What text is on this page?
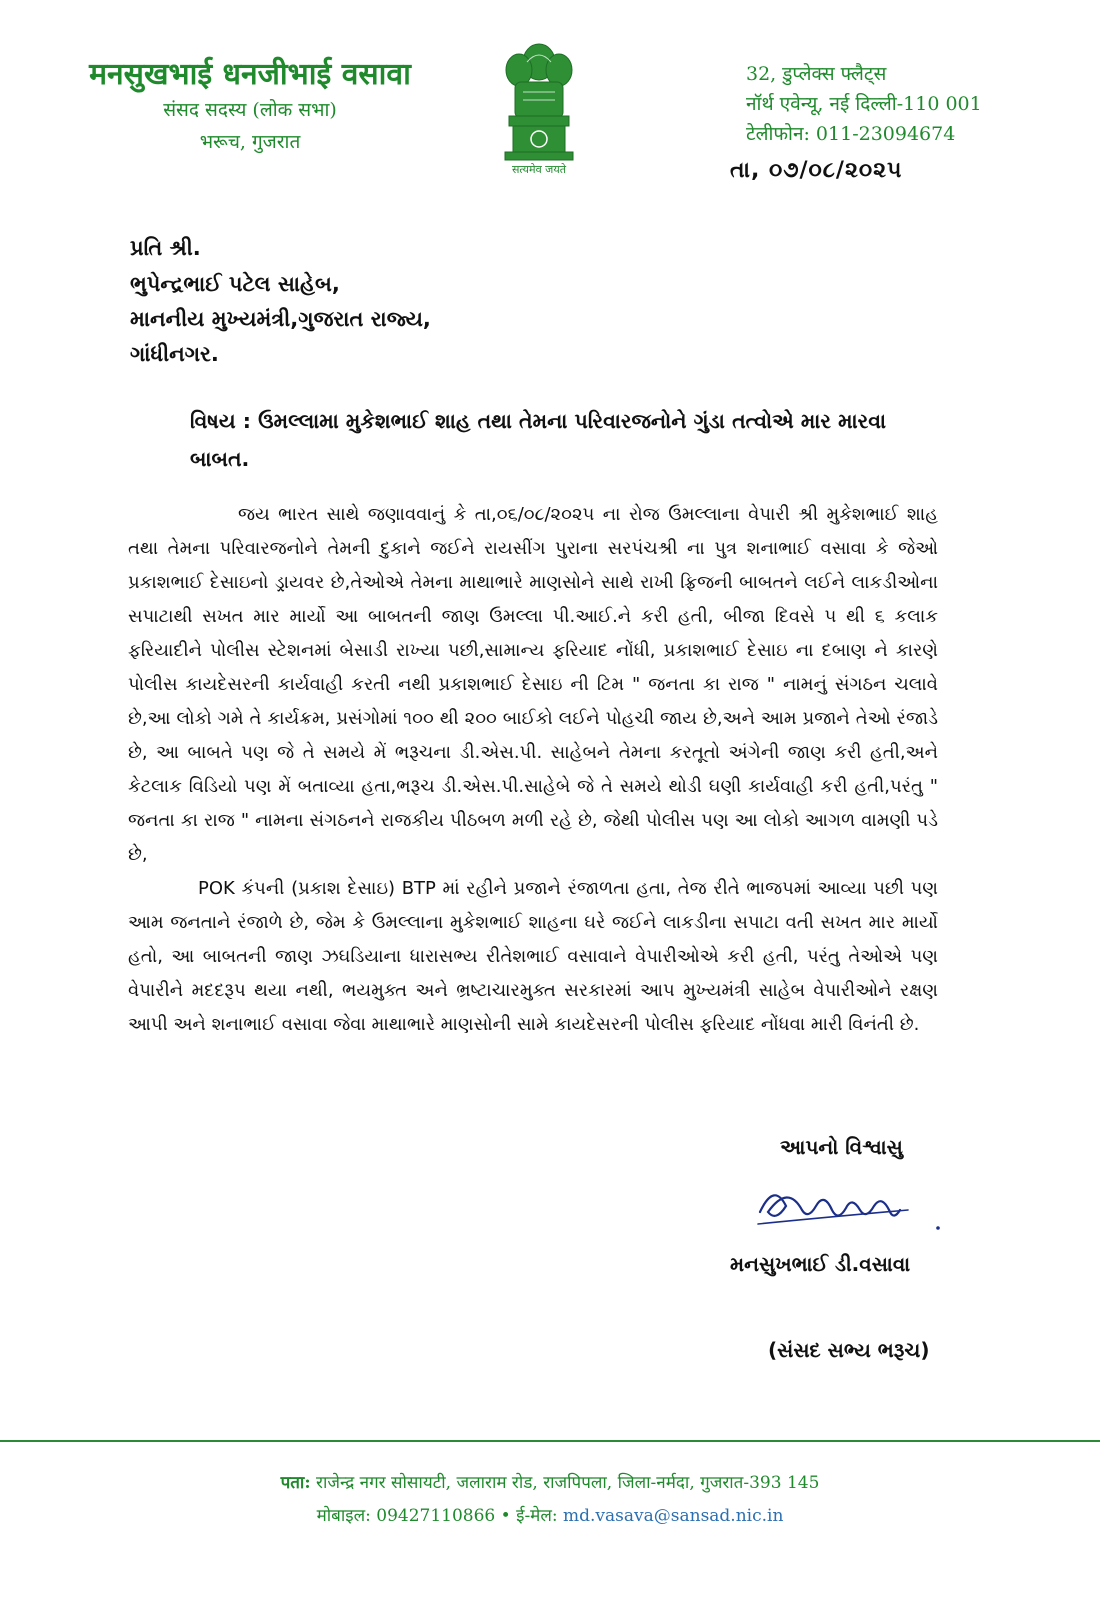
मनसुखभाई धनजीभाई वसावा
संसद सदस्य (लोक सभा)
भरूच, गुजरात
सत्यमेव जयते
32, डुप्लेक्स फ्लैट्स
नॉर्थ एवेन्यू, नई दिल्ली-110 001
टेलीफोन: 011-23094674
તા, ૦૭/૦૮/૨૦૨૫
પ્રતિ શ્રી.
ભુપેન્દ્રભાઈ પટેલ સાહેબ,
માનનીય મુખ્યમંત્રી,ગુજરાત રાજ્ય,
ગાંધીનગર.
વિષય : ઉમલ્લામા મુકેશભાઈ શાહ તથા તેમના પરિવારજનોને ગુંડા તત્વોએ માર મારવા
બાબત.

જય ભારત સાથે જણાવવાનું કે તા,૦૬/૦૮/૨૦૨૫ ના રોજ ઉમલ્લાના વેપારી શ્રી મુકેશભાઈ શાહ તથા તેમના પરિવારજનોને તેમની દુકાને જઈને રાયસીંગ પુરાના સરપંચશ્રી ના પુત્ર શનાભાઈ વસાવા કે જેઓ પ્રકાશભાઈ દેસાઇનો ડ્રાયવર છે,તેઓએ તેમના માથાભારે માણસોને સાથે રાખી ફ્રિજની બાબતને લઈને લાકડીઓના સપાટાથી સખત માર માર્યો આ બાબતની જાણ ઉમલ્લા પી.આઈ.ને કરી હતી, બીજા દિવસે ૫ થી ૬ કલાક ફરિયાદીને પોલીસ સ્ટેશનમાં બેસાડી રાખ્યા પછી,સામાન્ય ફરિયાદ નોંધી, પ્રકાશભાઈ દેસાઇ ના દબાણ ને કારણે પોલીસ કાયદેસરની કાર્યવાહી કરતી નથી પ્રકાશભાઈ દેસાઇ ની ટિમ " જનતા કા રાજ " નામનું સંગઠન ચલાવે છે,આ લોકો ગમે તે કાર્યક્રમ, પ્રસંગોમાં ૧૦૦ થી ૨૦૦ બાઈકો લઈને પોહચી જાય છે,અને આમ પ્રજાને તેઓ રંજાડે છે, આ બાબતે પણ જે તે સમયે મેં ભરૂચના ડી.એસ.પી. સાહેબને તેમના કરતૂતો અંગેની જાણ કરી હતી,અને કેટલાક વિડિયો પણ મેં બતાવ્યા હતા,ભરૂચ ડી.એસ.પી.સાહેબે જે તે સમયે થોડી ઘણી કાર્યવાહી કરી હતી,પરંતુ " જનતા કા રાજ " નામના સંગઠનને રાજકીય પીઠબળ મળી રહે છે, જેથી પોલીસ પણ આ લોકો આગળ વામણી પડે છે,

POK કંપની (પ્રકાશ દેસાઇ) BTP માં રહીને પ્રજાને રંજાળતા હતા, તેજ રીતે ભાજપમાં આવ્યા પછી પણ આમ જનતાને રંજાળે છે, જેમ કે ઉમલ્લાના મુકેશભાઈ શાહના ઘરે જઈને લાકડીના સપાટા વતી સખત માર માર્યો હતો, આ બાબતની જાણ ઝઘડિયાના ધારાસભ્ય રીતેશભાઈ વસાવાને વેપારીઓએ કરી હતી, પરંતુ તેઓએ પણ વેપારીને મદદરૂપ થયા નથી, ભયમુક્ત અને ભ્રષ્ટાચારમુક્ત સરકારમાં આપ મુખ્યમંત્રી સાહેબ વેપારીઓને રક્ષણ આપી અને શનાભાઈ વસાવા જેવા માથાભારે માણસોની સામે કાયદેસરની પોલીસ ફરિયાદ નોંધવા મારી વિનંતી છે.

આપનો વિશ્વાસુ
મનસુખભાઈ ડી.વસાવા
(સંસદ સભ્ય ભરૂચ)
पता: राजेन्द्र नगर सोसायटी, जलाराम रोड, राजपिपला, जिला-नर्मदा, गुजरात-393 145
मोबाइल: 09427110866 • ई-मेल: md.vasava@sansad.nic.in
